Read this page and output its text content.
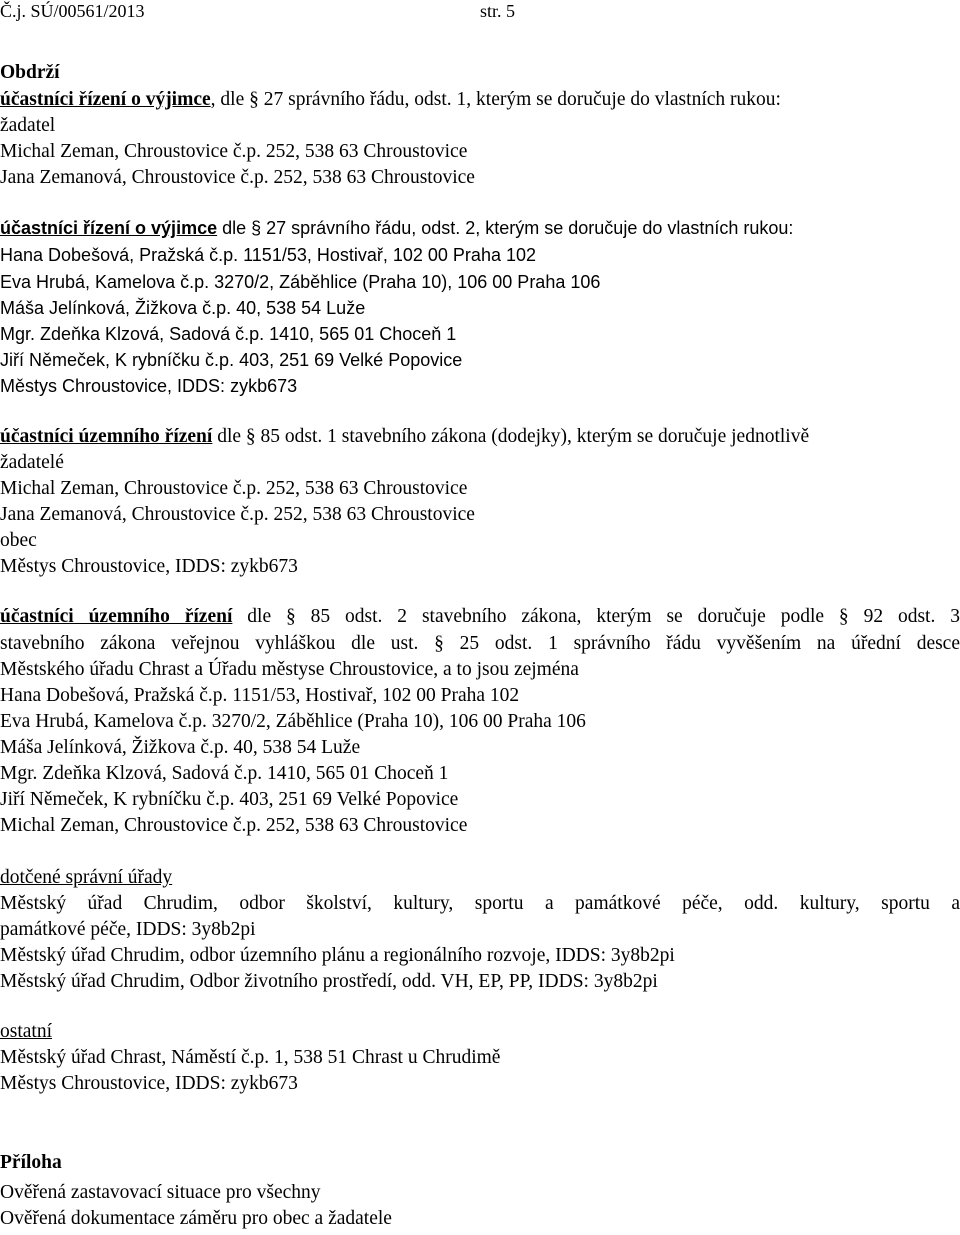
Č.j. SÚ/00561/2013	str. 5
Obdrží
účastníci řízení o výjimce, dle § 27 správního řádu, odst. 1, kterým se doručuje do vlastních rukou:
žadatel
Michal Zeman, Chroustovice č.p. 252, 538 63 Chroustovice
Jana Zemanová, Chroustovice č.p. 252, 538 63 Chroustovice
účastníci řízení o výjimce dle § 27 správního řádu, odst. 2, kterým se doručuje do vlastních rukou:
Hana Dobešová, Pražská č.p. 1151/53, Hostivař, 102 00 Praha 102
Eva Hrubá, Kamelova č.p. 3270/2, Záběhlice (Praha 10), 106 00 Praha 106
Máša Jelínková, Žižkova č.p. 40, 538 54 Luže
Mgr. Zdeňka Klzová, Sadová č.p. 1410, 565 01 Choceň 1
Jiří Němeček, K rybníčku č.p. 403, 251 69 Velké Popovice
Městys Chroustovice, IDDS: zykb673
účastníci územního řízení dle § 85 odst. 1 stavebního zákona (dodejky), kterým se doručuje jednotlivě
žadatelé
Michal Zeman, Chroustovice č.p. 252, 538 63 Chroustovice
Jana Zemanová, Chroustovice č.p. 252, 538 63 Chroustovice
obec
Městys Chroustovice, IDDS: zykb673
účastníci územního řízení dle § 85 odst. 2 stavebního zákona, kterým se doručuje podle § 92 odst. 3
stavebního zákona veřejnou vyhláškou dle ust. § 25 odst. 1 správního řádu vyvěšením na úřední desce
Městského úřadu Chrast a Úřadu městyse Chroustovice, a to jsou zejména
Hana Dobešová, Pražská č.p. 1151/53, Hostivař, 102 00 Praha 102
Eva Hrubá, Kamelova č.p. 3270/2, Záběhlice (Praha 10), 106 00 Praha 106
Máša Jelínková, Žižkova č.p. 40, 538 54 Luže
Mgr. Zdeňka Klzová, Sadová č.p. 1410, 565 01 Choceň 1
Jiří Němeček, K rybníčku č.p. 403, 251 69 Velké Popovice
Michal Zeman, Chroustovice č.p. 252, 538 63 Chroustovice
dotčené správní úřady
Městský úřad Chrudim, odbor školství, kultury, sportu a památkové péče, odd. kultury, sportu a
památkové péče, IDDS: 3y8b2pi
Městský úřad Chrudim, odbor územního plánu a regionálního rozvoje, IDDS: 3y8b2pi
Městský úřad Chrudim, Odbor životního prostředí, odd. VH, EP, PP, IDDS: 3y8b2pi
ostatní
Městský úřad Chrast, Náměstí č.p. 1, 538 51 Chrast u Chrudimě
Městys Chroustovice, IDDS: zykb673
Příloha
Ověřená zastavovací situace pro všechny
Ověřená dokumentace záměru pro obec a žadatele
